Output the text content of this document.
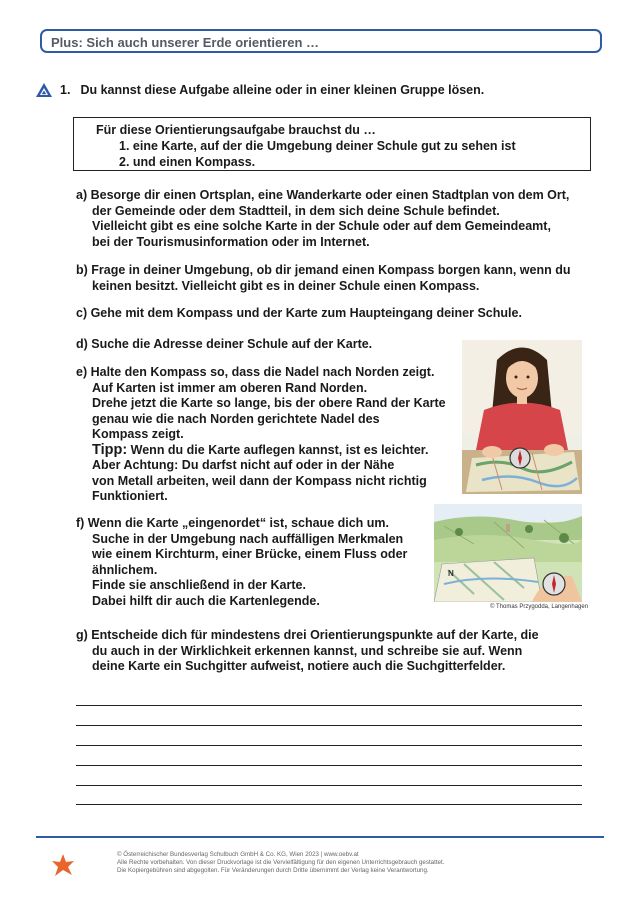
Plus: Sich auch unserer Erde orientieren …
1. Du kannst diese Aufgabe alleine oder in einer kleinen Gruppe lösen.
Für diese Orientierungsaufgabe brauchst du …
1. eine Karte, auf der die Umgebung deiner Schule gut zu sehen ist
2. und einen Kompass.
a) Besorge dir einen Ortsplan, eine Wanderkarte oder einen Stadtplan von dem Ort,
der Gemeinde oder dem Stadtteil, in dem sich deine Schule befindet.
Vielleicht gibt es eine solche Karte in der Schule oder auf dem Gemeindeamt,
bei der Tourismusinformation oder im Internet.
b) Frage in deiner Umgebung, ob dir jemand einen Kompass borgen kann, wenn du
keinen besitzt. Vielleicht gibt es in deiner Schule einen Kompass.
c) Gehe mit dem Kompass und der Karte zum Haupteingang deiner Schule.
d) Suche die Adresse deiner Schule auf der Karte.
e) Halte den Kompass so, dass die Nadel nach Norden zeigt.
Auf Karten ist immer am oberen Rand Norden.
Drehe jetzt die Karte so lange, bis der obere Rand der Karte
genau wie die nach Norden gerichtete Nadel des
Kompass zeigt.
Tipp: Wenn du die Karte auflegen kannst, ist es leichter.
Aber Achtung: Du darfst nicht auf oder in der Nähe
von Metall arbeiten, weil dann der Kompass nicht richtig
Funktioniert.
f) Wenn die Karte „eingenordet“ ist, schaue dich um.
Suche in der Umgebung nach auffälligen Merkmalen
wie einem Kirchturm, einer Brücke, einem Fluss oder
ähnlichem.
Finde sie anschließend in der Karte.
Dabei hilft dir auch die Kartenlegende.
g) Entscheide dich für mindestens drei Orientierungspunkte auf der Karte, die
du auch in der Wirklichkeit erkennen kannst, und schreibe sie auf. Wenn
deine Karte ein Suchgitter aufweist, notiere auch die Suchgitterfelder.
N
© Thomas Przygodda, Langenhagen
© Österreichischer Bundesverlag Schulbuch GmbH & Co. KG, Wien 2023 | www.oebv.at
Alle Rechte vorbehalten. Von dieser Druckvorlage ist die Vervielfältigung für den eigenen Unterrichtsgebrauch gestattet.
Die Kopiergebühren sind abgegolten. Für Veränderungen durch Dritte übernimmt der Verlag keine Verantwortung.
